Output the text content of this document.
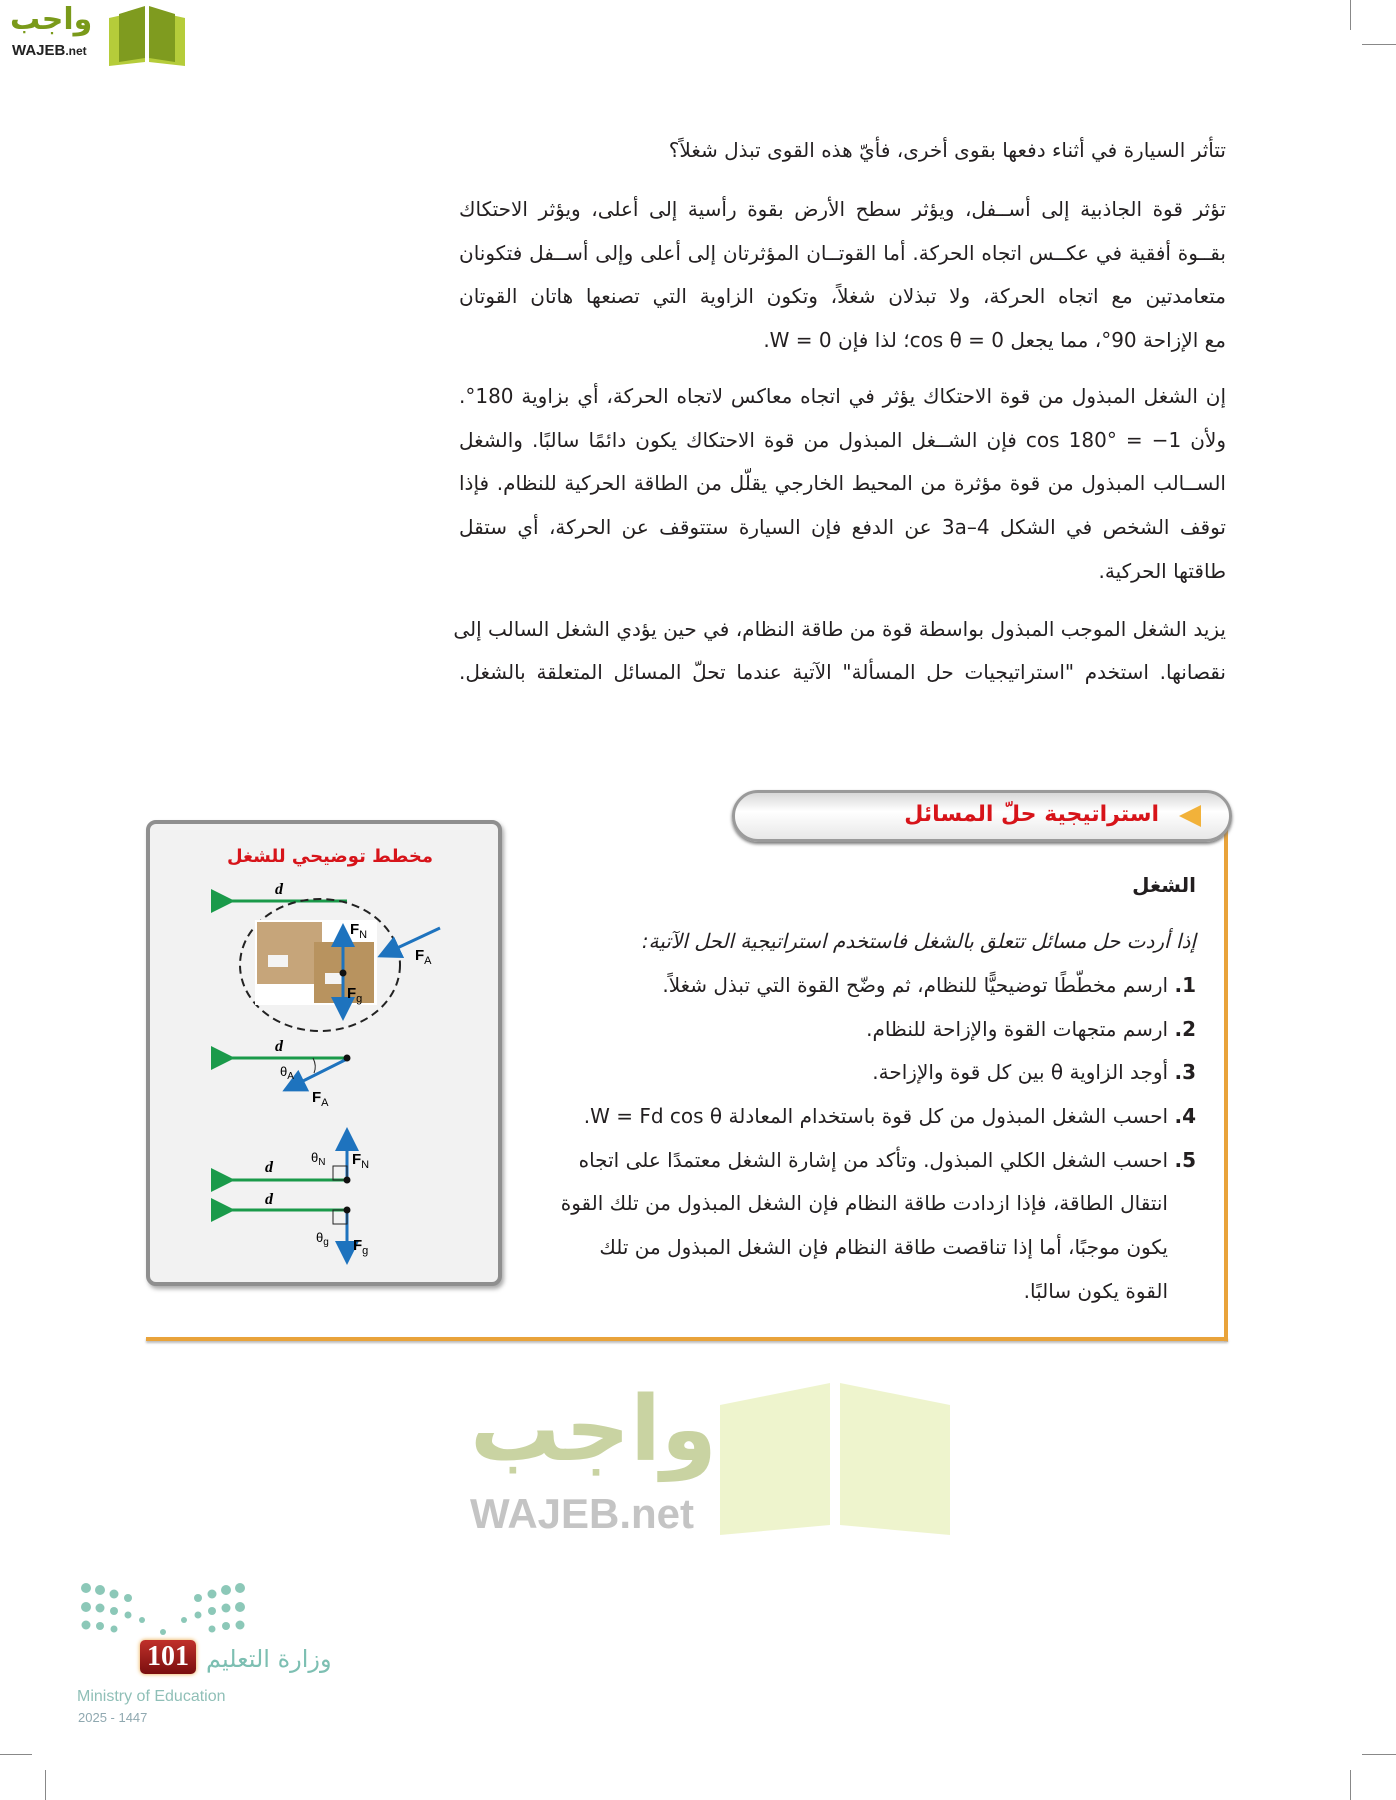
واجب
WAJEB.net
تتأثر السيارة في أثناء دفعها بقوى أخرى، فأيّ هذه القوى تبذل شغلاً؟
تؤثر قوة الجاذبية إلى أســفل، ويؤثر سطح الأرض بقوة رأسية إلى أعلى، ويؤثر الاحتكاك
بقــوة أفقية في عكــس اتجاه الحركة. أما القوتــان المؤثرتان إلى أعلى وإلى أســفل فتكونان
متعامدتين مع اتجاه الحركة، ولا تبذلان شغلاً، وتكون الزاوية التي تصنعها هاتان القوتان
مع الإزاحة 90°، مما يجعل cos θ = 0؛ لذا فإن W = 0.
إن الشغل المبذول من قوة الاحتكاك يؤثر في اتجاه معاكس لاتجاه الحركة، أي بزاوية 180°.
ولأن cos 180° = −1 فإن الشــغل المبذول من قوة الاحتكاك يكون دائمًا سالبًا. والشغل
الســالب المبذول من قوة مؤثرة من المحيط الخارجي يقلّل من الطاقة الحركية للنظام. فإذا
توقف الشخص في الشكل 4–3a عن الدفع فإن السيارة ستتوقف عن الحركة، أي ستقل
طاقتها الحركية.
يزيد الشغل الموجب المبذول بواسطة قوة من طاقة النظام، في حين يؤدي الشغل السالب إلى
نقصانها. استخدم "استراتيجيات حل المسألة" الآتية عندما تحلّ المسائل المتعلقة بالشغل.
استراتيجية حلّ المسائل
الشغل
إذا أردت حل مسائل تتعلق بالشغل فاستخدم استراتيجية الحل الآتية:
1. ارسم مخطّطًا توضيحيًّا للنظام، ثم وضّح القوة التي تبذل شغلاً.
2. ارسم متجهات القوة والإزاحة للنظام.
3. أوجد الزاوية θ بين كل قوة والإزاحة.
4. احسب الشغل المبذول من كل قوة باستخدام المعادلة W = Fd cos θ.
5. احسب الشغل الكلي المبذول. وتأكد من إشارة الشغل معتمدًا على اتجاه
انتقال الطاقة، فإذا ازدادت طاقة النظام فإن الشغل المبذول من تلك القوة
يكون موجبًا، أما إذا تناقصت طاقة النظام فإن الشغل المبذول من تلك
القوة يكون سالبًا.
مخطط توضيحي للشغل
d
$F_N$
$F_g$
$F_A$
d
$\theta_A$
$F_A$
d
$\theta_N$ $F_N$
d
$\theta_g$ $F_g$
واجب
WAJEB.net
101 وزارة التعليم
Ministry of Education
2025 - 1447
